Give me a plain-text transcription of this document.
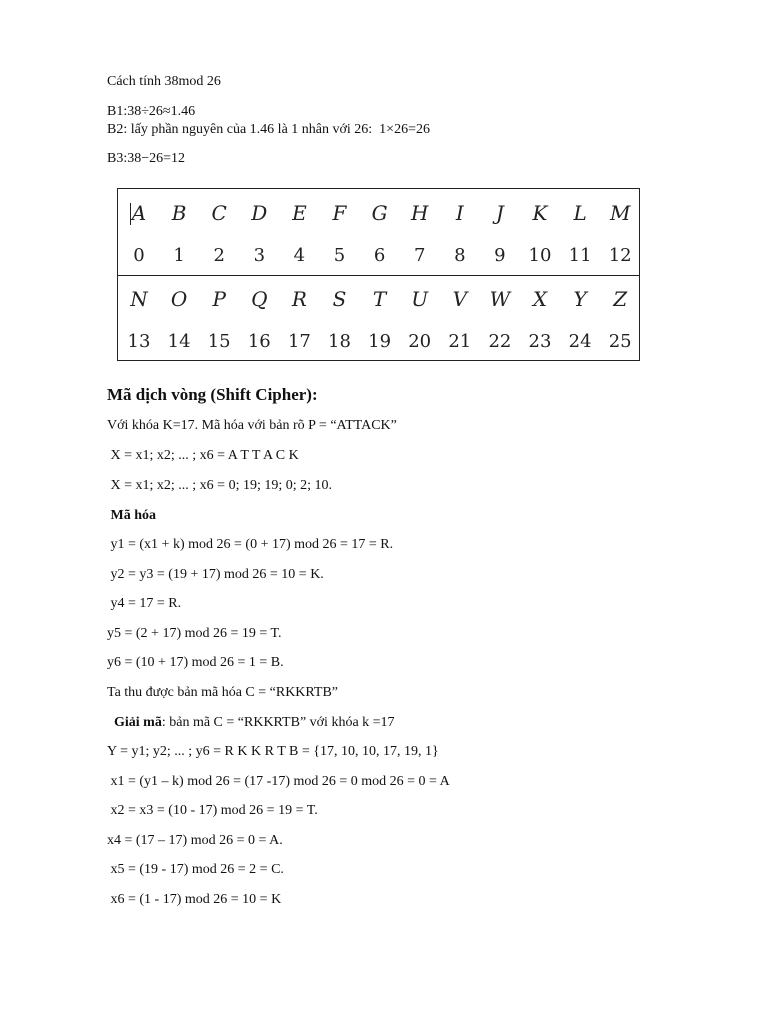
Cách tính 38mod 26
B1:38÷26≈1.46
B2: lấy phần nguyên của 1.46 là 1 nhân với 26:  1×26=26
B3:38−26=12
A	B	C	D	E	F	G	H	I	J	K	L	M
0	1	2	3	4	5	6	7	8	9	10 11 12
N	O	P	Q	R	S	T	U	V	W	X	Y	Z
13 14 15 16 17 18 19 20 21 22 23 24 25
Mã dịch vòng (Shift Cipher):
Với khóa K=17. Mã hóa với bản rõ P = “ATTACK”
X = x1; x2; ... ; x6 = A T T A C K
X = x1; x2; ... ; x6 = 0; 19; 19; 0; 2; 10.
Mã hóa
y1 = (x1 + k) mod 26 = (0 + 17) mod 26 = 17 = R.
y2 = y3 = (19 + 17) mod 26 = 10 = K.
y4 = 17 = R.
y5 = (2 + 17) mod 26 = 19 = T.
y6 = (10 + 17) mod 26 = 1 = B.
Ta thu được bản mã hóa C = “RKKRTB”
Giải mã: bản mã C = “RKKRTB” với khóa k =17
Y = y1; y2; ... ; y6 = R K K R T B = {17, 10, 10, 17, 19, 1}
x1 = (y1 – k) mod 26 = (17 -17) mod 26 = 0 mod 26 = 0 = A
x2 = x3 = (10 - 17) mod 26 = 19 = T.
x4 = (17 – 17) mod 26 = 0 = A.
x5 = (19 - 17) mod 26 = 2 = C.
x6 = (1 - 17) mod 26 = 10 = K
